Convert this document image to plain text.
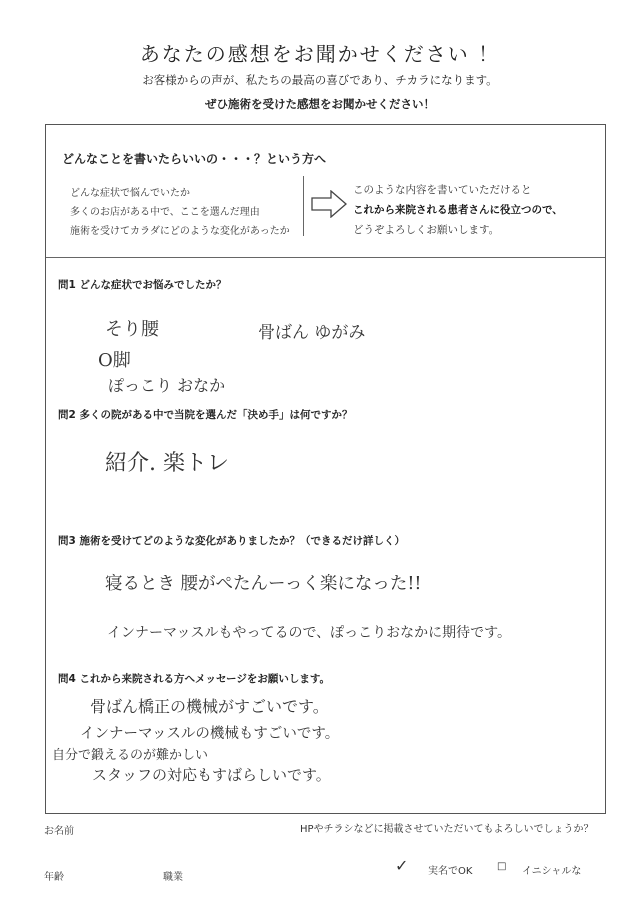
あなたの感想をお聞かせください ！
お客様からの声が、私たちの最高の喜びであり、チカラになります。
ぜひ施術を受けた感想をお聞かせください！
どんなことを書いたらいいの・・・？という方へ
どんな症状で悩んでいたか
多くのお店がある中で、ここを選んだ理由
施術を受けてカラダにどのような変化があったか
このような内容を書いていただけると
これから来院される患者さんに役立つので、
どうぞよろしくお願いします。
問1 どんな症状でお悩みでしたか？
そり腰	骨ばん ゆがみ
O脚
ぽっこり おなか
問2 多くの院がある中で当院を選んだ「決め手」は何ですか？
紹介. 楽トレ
問3 施術を受けてどのような変化がありましたか？（できるだけ詳しく）
寝るとき 腰がぺたんーっく楽になった!!
インナーマッスルもやってるので、ぽっこりおなかに期待です。
問4 これから来院される方へメッセージをお願いします。
骨ばん橋正の機械がすごいです。
インナーマッスルの機械もすごいです。
自分で鍛えるのが難かしい
スタッフの対応もすばらしいです。
お名前	HPやチラシなどに掲載させていただいてもよろしいでしょうか？
年齢	職業
✓ 実名でOK □ イニシャルな
